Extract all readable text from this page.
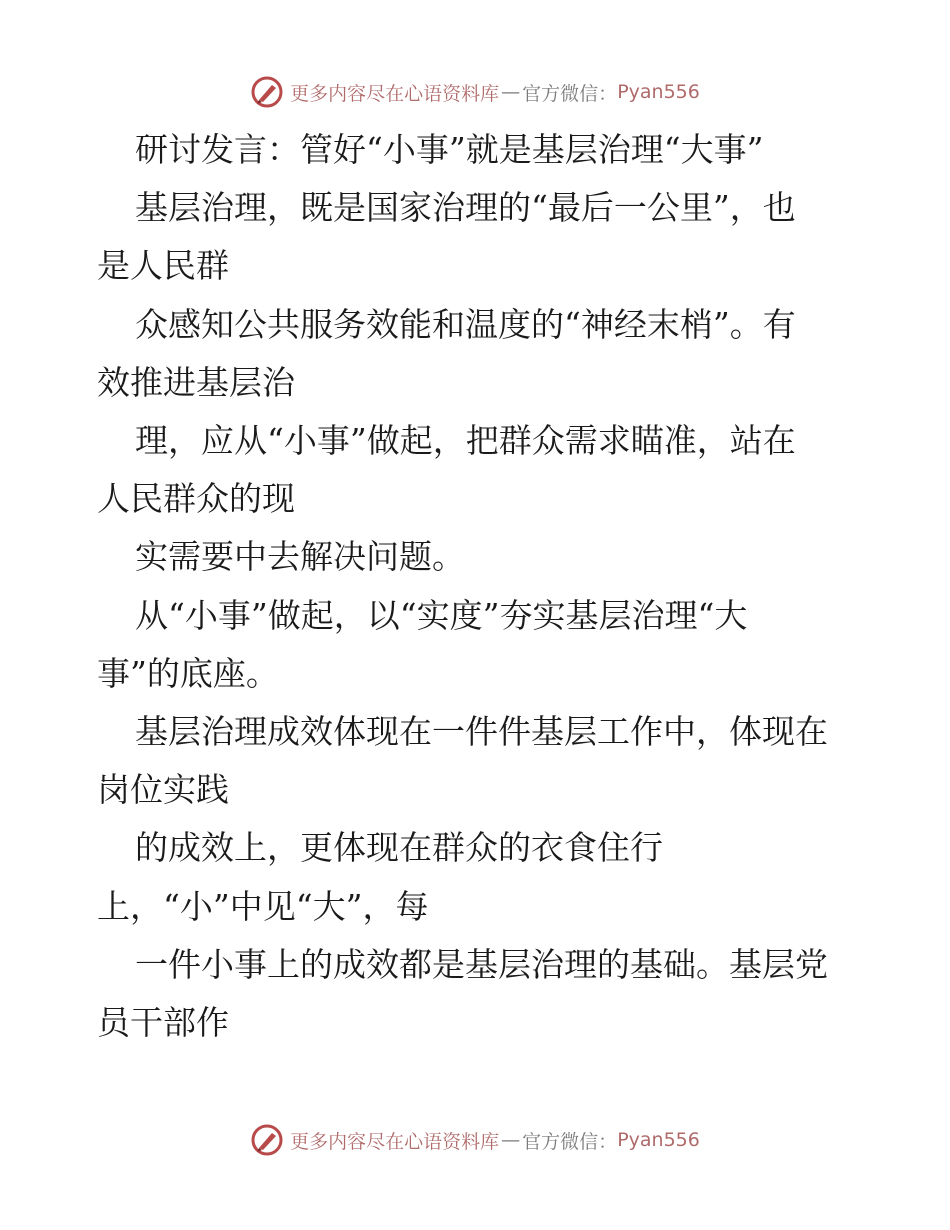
更多内容尽在心语资料库 — 官方微信： Pyan556

研讨发言：管好“小事”就是基层治理“大事”

基层治理，既是国家治理的“最后一公里”，也

是人民群

众感知公共服务效能和温度的“神经末梢”。有

效推进基层治

理，应从“小事”做起，把群众需求瞄准，站在

人民群众的现

实需要中去解决问题。

从“小事”做起，以“实度”夯实基层治理“大

事”的底座。

基层治理成效体现在一件件基层工作中，体现在

岗位实践

的成效上，更体现在群众的衣食住行

上，“小”中见“大”，每

一件小事上的成效都是基层治理的基础。基层党

员干部作

更多内容尽在心语资料库 — 官方微信： Pyan556
